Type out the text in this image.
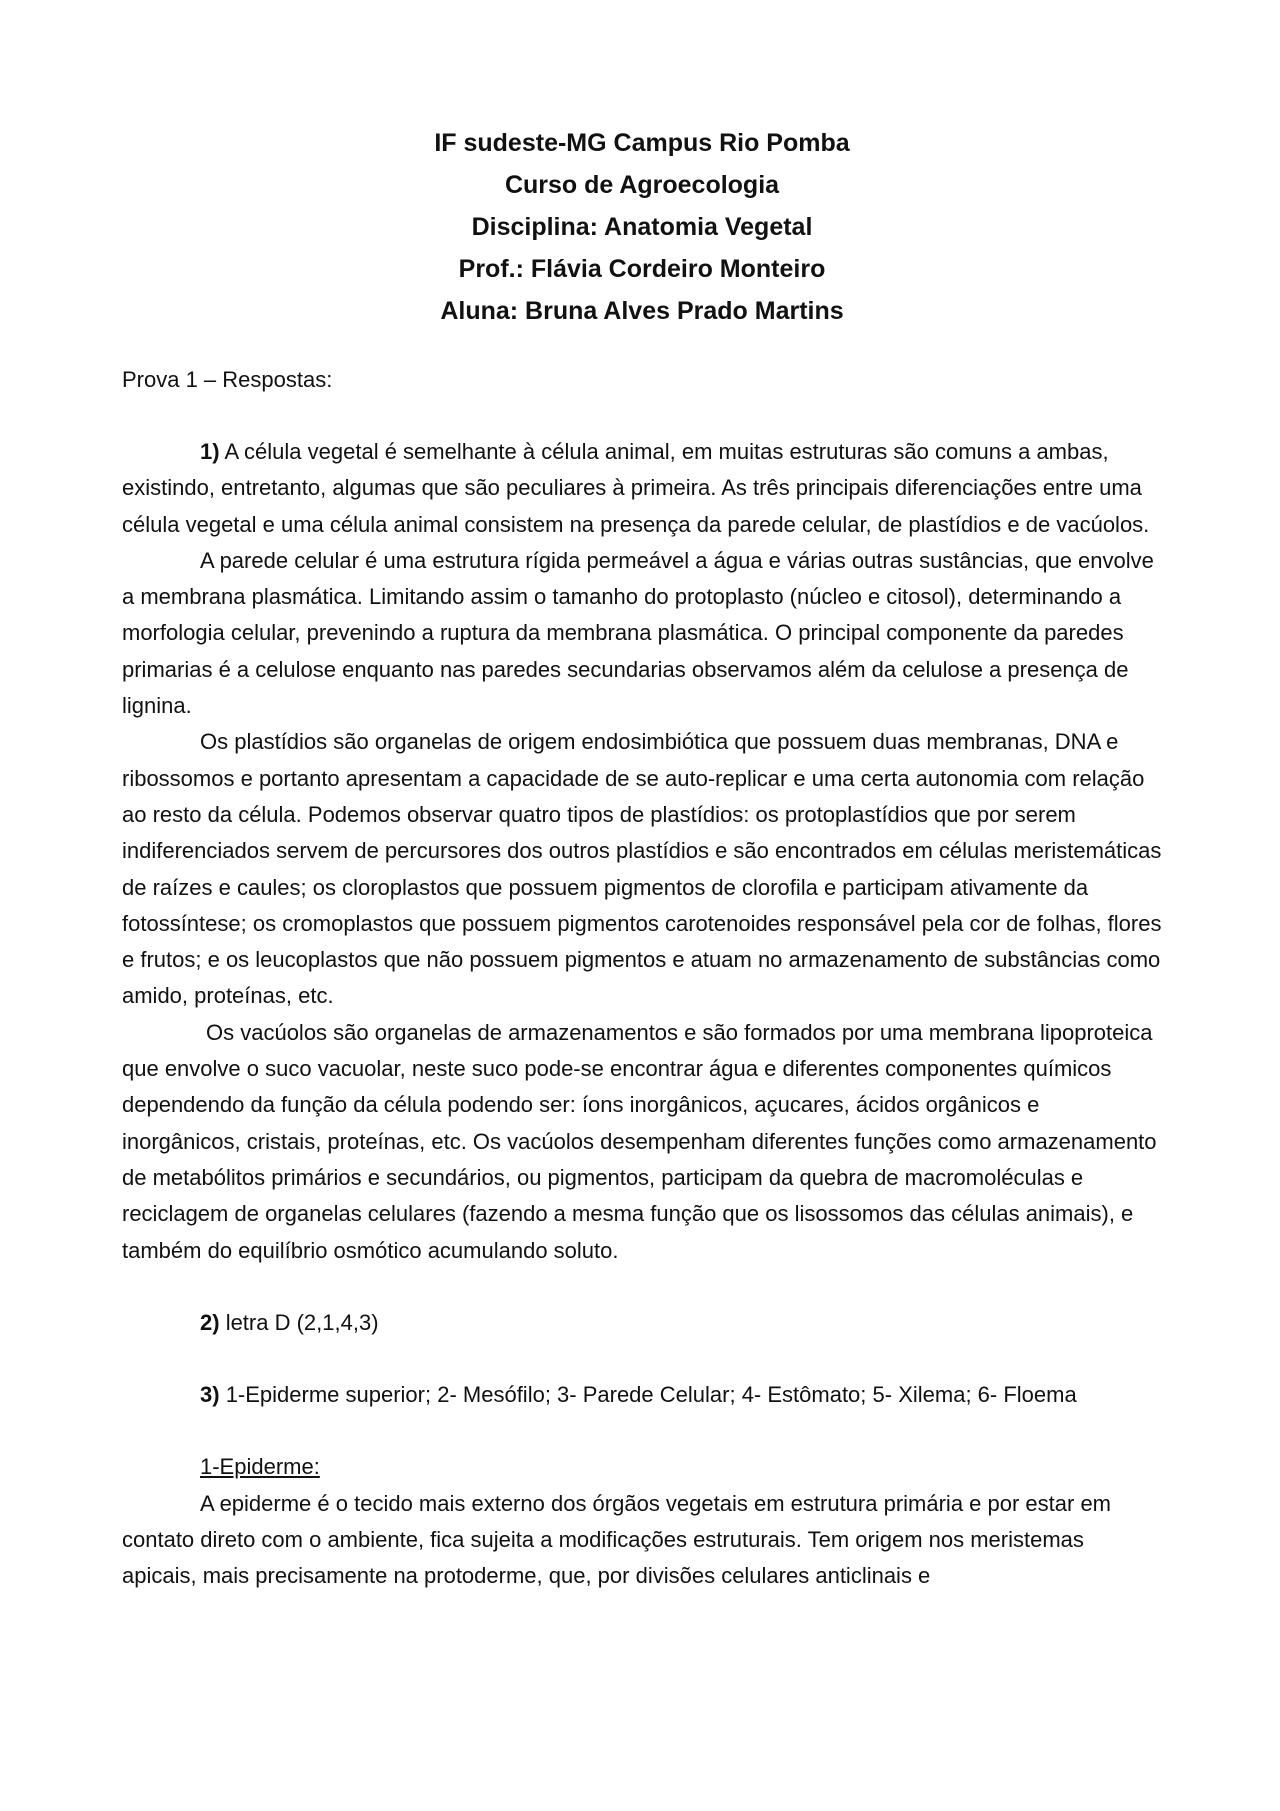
IF sudeste-MG Campus Rio Pomba
Curso de Agroecologia
Disciplina: Anatomia Vegetal
Prof.: Flávia Cordeiro Monteiro
Aluna: Bruna Alves Prado Martins
Prova 1 – Respostas:

1) A célula vegetal é semelhante à célula animal, em muitas estruturas são comuns a ambas, existindo, entretanto, algumas que são peculiares à primeira. As três principais diferenciações entre uma célula vegetal e uma célula animal consistem na presença da parede celular, de plastídios e de vacúolos.

A parede celular é uma estrutura rígida permeável a água e várias outras sustâncias, que envolve a membrana plasmática. Limitando assim o tamanho do protoplasto (núcleo e citosol), determinando a morfologia celular, prevenindo a ruptura da membrana plasmática. O principal componente da paredes primarias é a celulose enquanto nas paredes secundarias observamos além da celulose a presença de lignina.

Os plastídios são organelas de origem endosimbiótica que possuem duas membranas, DNA e ribossomos e portanto apresentam a capacidade de se auto-replicar e uma certa autonomia com relação ao resto da célula. Podemos observar quatro tipos de plastídios: os protoplastídios que por serem indiferenciados servem de percursores dos outros plastídios e são encontrados em células meristemáticas de raízes e caules; os cloroplastos que possuem pigmentos de clorofila e participam ativamente da fotossíntese; os cromoplastos que possuem pigmentos carotenoides responsável pela cor de folhas, flores e frutos; e os leucoplastos que não possuem pigmentos e atuam no armazenamento de substâncias como amido, proteínas, etc.

Os vacúolos são organelas de armazenamentos e são formados por uma membrana lipoproteica que envolve o suco vacuolar, neste suco pode-se encontrar água e diferentes componentes químicos dependendo da função da célula podendo ser: íons inorgânicos, açucares, ácidos orgânicos e inorgânicos, cristais, proteínas, etc. Os vacúolos desempenham diferentes funções como armazenamento de metabólitos primários e secundários, ou pigmentos, participam da quebra de macromoléculas e reciclagem de organelas celulares (fazendo a mesma função que os lisossomos das células animais), e também do equilíbrio osmótico acumulando soluto.

2) letra D (2,1,4,3)

3) 1-Epiderme superior; 2- Mesófilo; 3- Parede Celular; 4- Estômato; 5- Xilema; 6- Floema

1-Epiderme:

A epiderme é o tecido mais externo dos órgãos vegetais em estrutura primária e por estar em contato direto com o ambiente, fica sujeita a modificações estruturais. Tem origem nos meristemas apicais, mais precisamente na protoderme, que, por divisões celulares anticlinais e
